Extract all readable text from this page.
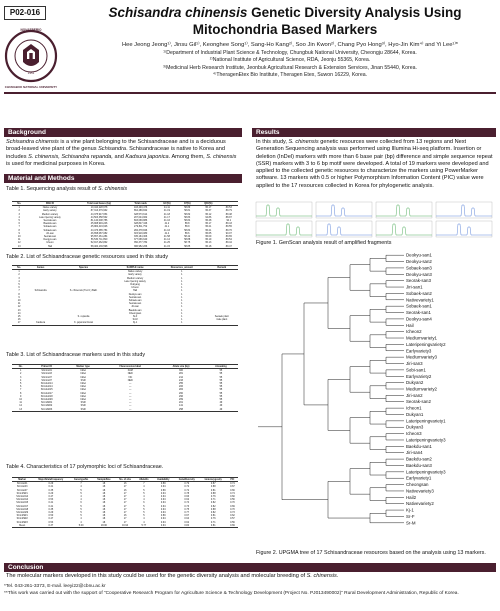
P02-016
NOVAEPERIO
CHUNGBUK NATIONAL UNIVERSITY
1951
Schisandra chinensis Genetic Diversity Analysis Using Mitochondria Based Markers
Hee Jeong Jeong¹⁾, Jinsu Gil¹⁾, Keonghee Song¹⁾, Sang-Ho Kang²⁾, Soo Jin Kwon²⁾, Chang Pyo Hong³⁾, Hyo-Jin Kim⁴⁾ and Yi Lee¹⁾*
¹⁾Department of Industrial Plant Science & Technology, Chungbuk National University, Cheongju 28644, Korea.
²⁾National Institute of Agricultural Science, RDA, Jeonju 55365, Korea.
³⁾Medicinal Herb Research Institute, Jeonbuk Agricultural Research & Extension Services, Jinan 55440, Korea.
⁴⁾TheragenEtex Bio Institute, Theragen Etex, Suwon 16229, Korea.
Background
Schisandra chinensis is a vine plant belonging to the Schisandraceae and is a deciduous broad-leaved vine plant of the genus Schisandra. Schisandraceae is native to Korea and includes S. chinensis, Schisandra repanda, and Kadsura japonica. Among them, S. chinensis is used for medicinal purposes in Korea.
Material and Methods
Table 1. Sequencing analysis result of S. chinensis
No.	DNA ID	Total read bases (bp)	Total reads	GC(%)	AT(%)	Q30(%)	
1	Native variety	10,444,228,678	103,403,476	41.11	58.89	95.17	89.53
2	Early variety	87,313,379,962	864,489,842	41.19	58.81	95.37	89.79
3	Medium variety	44,375,947,654	328,573,614	41.18	58.82	95.12	89.48
4	Late ripening variety	44,503,358,562	297,044,962	41.17	58.83	94.86	88.97
5	Seonak-san	81,140,008,786	803,069,886	41.16	58.84	95.48	90.1
6	Baekdu-san	45,908,949,246	328,847,346	41.2	58.8	95.17	89.43
7	Sobaek-san	45,984,419,626	279,811,752	41.1	58.9	95.21	89.55
8	Sobaek-san	44,476,385,784	284,378,846	41.16	58.84	95.21	89.76
9	Jiri-san	46,658,087,082	315,919,080	41.4	58.6	95.65	90.07
10	Seorak-san	95,657,461,284	335,164,306	41.58	58.42	95.09	89.65
11	Deogyu-san	56,530,711,890	377,066,640	41.12	58.88	95.19	89.54
12	Icheon	52,917,262,862	350,377,782	41.25	58.75	95.13	89.44
13	Hail	58,400,139,598	386,952,266	41.15	58.85	95.18	89.47
Table 2. List of Schisandraceae genetic resources used in this study
No.	Genus	Species	SAMPLE name	Resources_amount	Remark
1			Native variety	1	
2			Early variety	1	
3			Medium variety	1	
4			Late ripening variety	1	
5			Dukyang	1	
6			Icheon	1	
7	Schisandra	S. chinensis (Turcz.) Baill.	Hail	1	
8			Deokyu-san	1	
9			Seorak-san	1	
10			Sobaek-san	1	
11			Seorak-san	1	
12			Jiri-san	1	
13			Baekdu-san	1	
14			Cheongsan	1	
15		S. repanda	Si-F	1	Seoaek plant
16			Si-M	1	male plant
17	Kadsura	K. japonica Dunal	Kj-1	1	
Table 3. List of Schisandraceae markers used in this study
No.	Primer ID	Marker type	Fluorescence label	Allele size (bp)	Annealing
1	SCmito01	InDel	FAM	300	55
2	SCmito03	InDel	NED	281	55
3	SCmito07	InDel	VIC	212	55
4	SCmito07	SSR	NED	243	55
5	SCmito014	InDel	—	255	55
6	SCmito014	InDel	—	206	55
7	SCmito015	InDel	—	284	55
8	SCmito017	InDel	—	260	55
9	SCmito018	InDel	—	296	55
10	SCmito029	InDel	—	269	55
11	SCmitSR1	SSR	—	201	49
12	SCmitSR2	SSR	—	141	49
13	SCmitSR3	SSR	—	258	49
Table 4. Characteristics of 17 polymorphic loci of Schisandraceae.
Marker	MajorAlleleFrequency	GenotypeNo	SampleSize	No. of obs	AlleleNo	Availability	GeneDiversity	Heterozygosity	PIC
SCmito01	0.29	7	18	16	7	0.89	0.79	0.87	0.74
SCmito03	0.41	4	18	17	4	0.94	0.72	0.88	0.67
SCmito07	0.35	5	18	16	5	0.89	0.72	0.81	0.66
SCmitSR1	0.29	5	18	17	5	0.94	0.78	0.88	0.74
SCmito014	0.47	4	18	17	4	0.94	0.66	0.76	0.60
SCmito014	0.53	4	18	17	4	0.94	0.62	0.71	0.56
SCmito015	0.41	6	18	17	6	0.94	0.74	0.82	0.70
SCmito017	0.41	5	18	17	5	0.94	0.73	0.82	0.69
SCmito018	0.35	5	18	17	5	0.94	0.75	0.88	0.70
SCmito029	0.29	5	18	17	5	0.94	0.77	0.82	0.73
SCmitSR1	0.50	5	18	16	5	0.89	0.67	0.81	0.62
SCmitSR2	0.47	4	18	17	4	0.94	0.64	0.76	0.57
SCmitSR3	0.53	4	18	17	4	0.94	0.62	0.71	0.56
Mean	0.37	5.00	18.00	16.94	5.77	0.94	0.84	0.81	0.69
Results
In this study, S. chinensis genetic resources were collected from 13 regions and Next Generation Sequencing analysis was performed using Illumina Hi-seq platform. Insertion or deletion (InDel) markers with more than 6 base pair (bp) difference and simple sequence repeat (SSR) markers with 3 to 6 bp motif were developed. A total of 19 markers were developed and applied to the collected genetic resources to characterize the markers using PowerMarker software. 13 markers with 0.5 or higher Polymorphism Information Content (PIC) value were applied to the 17 resources collected in Korea for phylogenetic analysis.
Figure 1. GenScan analysis result of amplified fragments
Deokyu-san1
Deokyu-san2
Sobaek-san3
Deokyu-san3
Seorak-san3
Jiri-san1
Sobaek-san2
Nativevariety1
Sobaek-san1
Seorak-san1
Deokyu-san4
Hail
Icheon2
Mediumvariety1
Lateripeningvariety2
Earlyvariety3
Mediumvariety3
Jiri-san3
Sobi-san1
Earlyvariety2
Dukyan2
Mediumvariety2
Jiri-san2
Seorak-san2
Icheon1
Dukyan1
Lateripeningvariety1
Dukyan3
Icheon3
Lateripeningvariety3
Baekdu-san1
Jiri-san4
Baekdu-san2
Baekdu-san3
Lateripeningvariety3
Earlyvariety1
Cheongsan
Nativevariety3
Hail2
Nativevariety2
Kj-1
Sr-F
Sr-M
Figure 2. UPGMA tree of 17 Schisandraceae resources based on the analysis using 13 markers.
Conclusion
The molecular markers developed in this study could be used for the genetic diversity analysis and molecular breeding of S. chinensis.
*Tel. 043-261-3373, E-mail. leeyi22@cbnu.ac.kr
**This work was carried out with the support of “Cooperative Research Program for Agriculture Science & Technology Development (Project No. PJ013490002)” Rural Development Administration, Republic of Korea.
